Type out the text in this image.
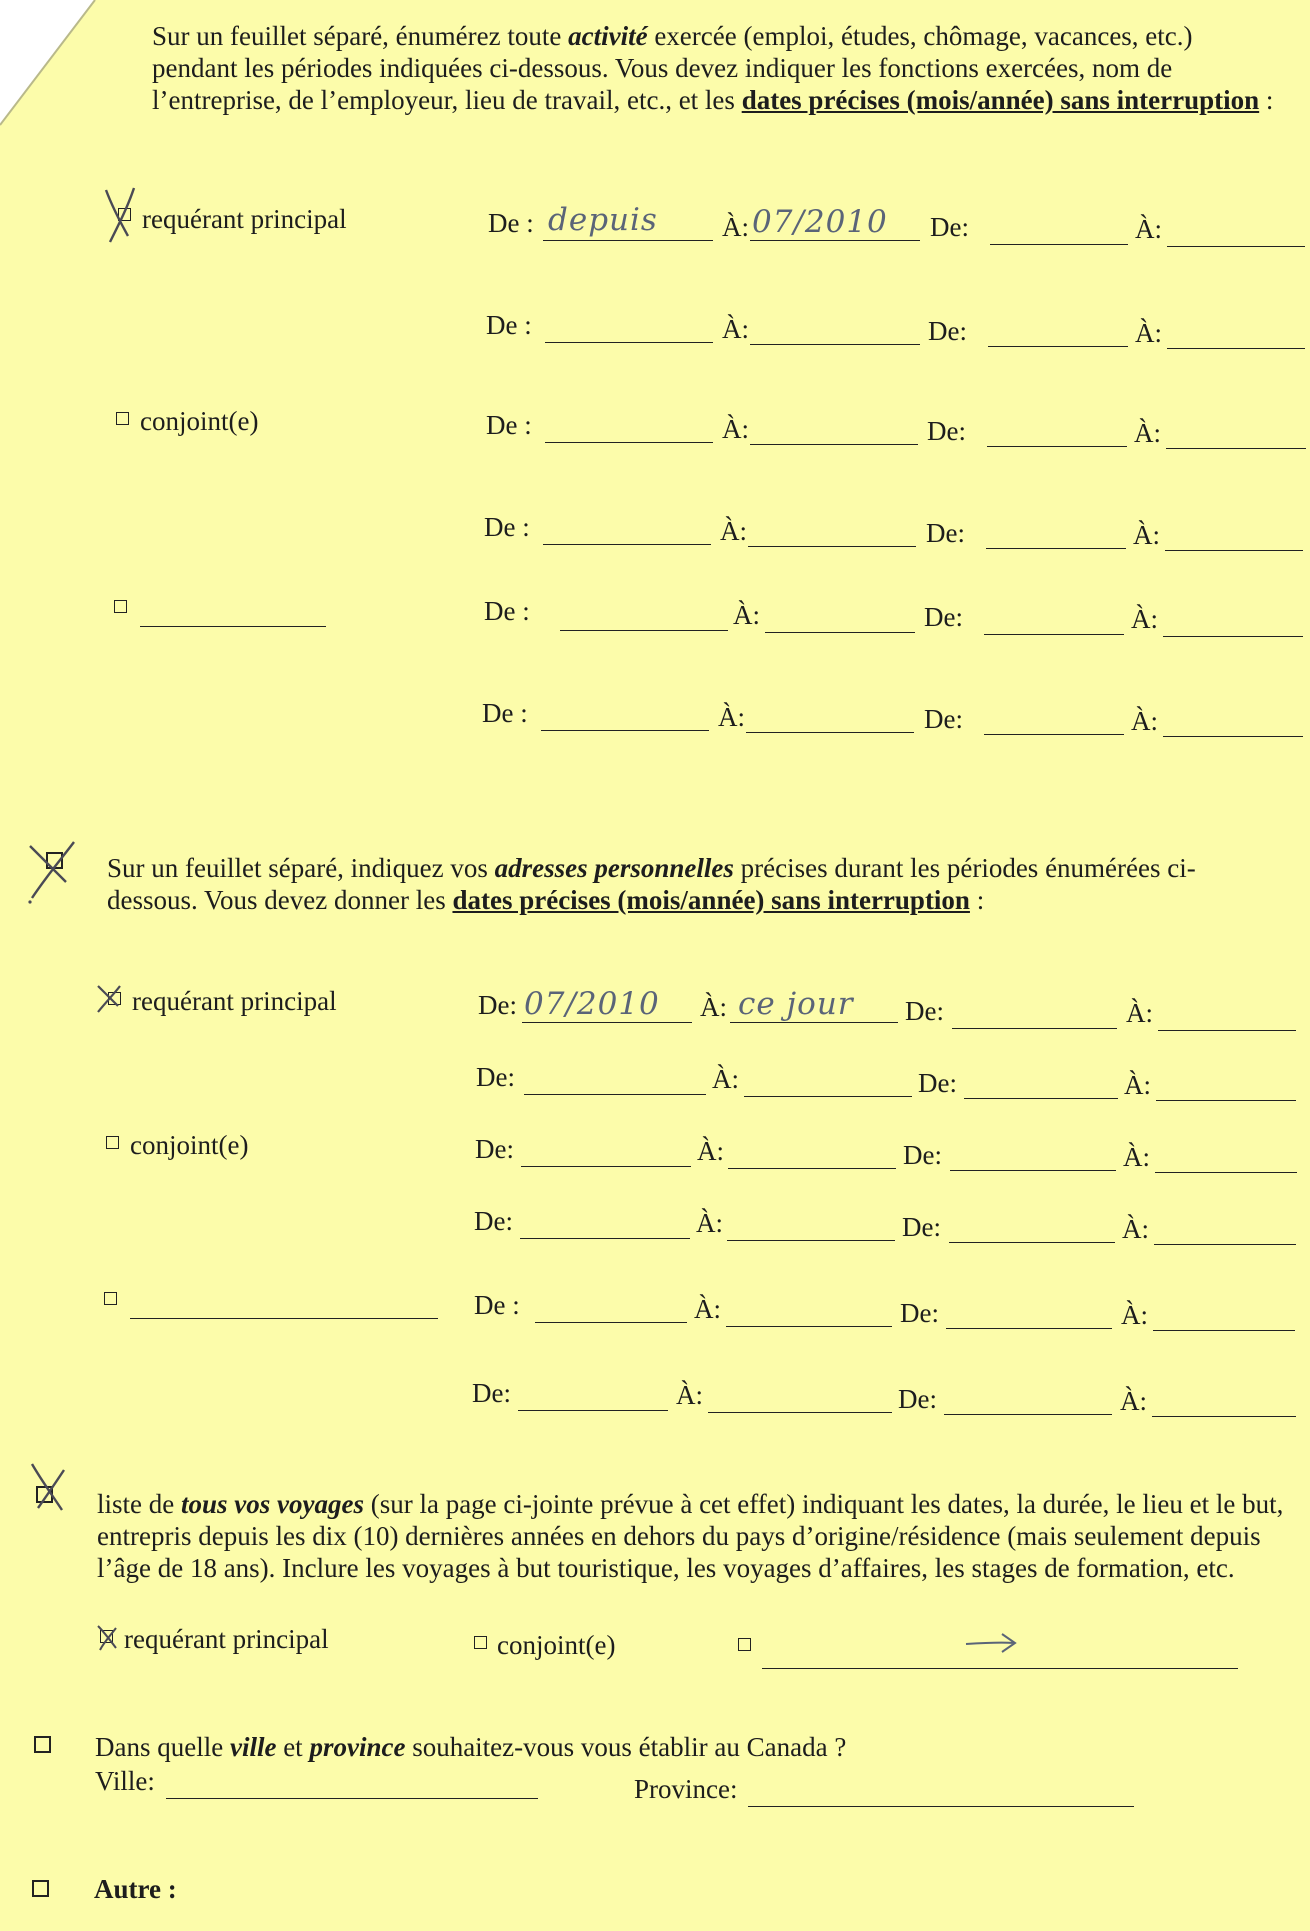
Sur un feuillet séparé, énumérez toute activité exercée (emploi, études, chômage, vacances, etc.) pendant les périodes indiquées ci-dessous. Vous devez indiquer les fonctions exercées, nom de l’entreprise, de l’employeur, lieu de travail, etc., et les dates précises (mois/année) sans interruption :
requérant principal	De : depuis À: 07/2010 De:	À:
De :	À:	De:	À:
conjoint(e)	De :	À:	De:	À:
De :	À:	De:	À:
De :	À:	De:	À:
De :	À:	De:	À:
Sur un feuillet séparé, indiquez vos adresses personnelles précises durant les périodes énumérées ci-dessous. Vous devez donner les dates précises (mois/année) sans interruption :
requérant principal	De: 07/2010 À: ce jour De:	À:
De:	À:	De:	À:
conjoint(e)	De:	À:	De:	À:
De:	À:	De:	À:
De :	À:	De:	À:
De:	À:	De:	À:
liste de tous vos voyages (sur la page ci-jointe prévue à cet effet) indiquant les dates, la durée, le lieu et le but, entrepris depuis les dix (10) dernières années en dehors du pays d’origine/résidence (mais seulement depuis l’âge de 18 ans). Inclure les voyages à but touristique, les voyages d’affaires, les stages de formation, etc.
requérant principal	conjoint(e)
Dans quelle ville et province souhaitez-vous vous établir au Canada ?
Ville:	Province:
Autre :
